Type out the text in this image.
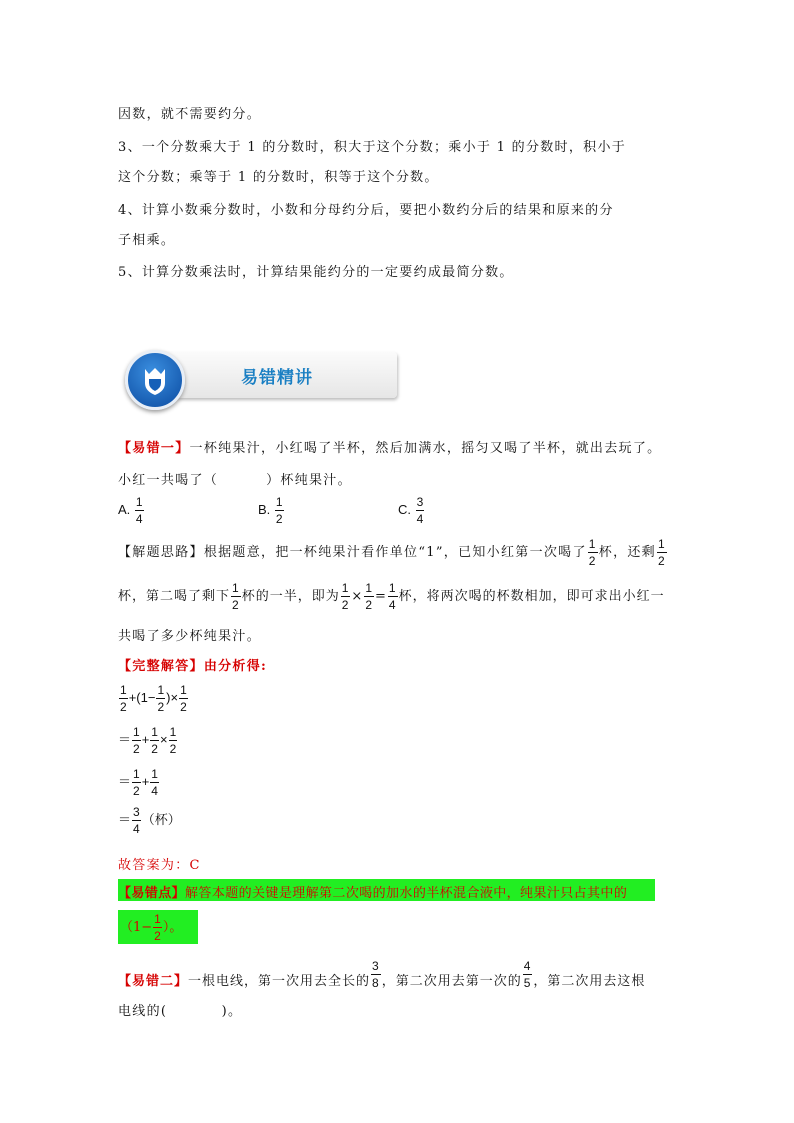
因数，就不需要约分。
3、一个分数乘大于 1 的分数时，积大于这个分数；乘小于 1 的分数时，积小于
这个分数；乘等于 1 的分数时，积等于这个分数。
4、计算小数乘分数时，小数和分母约分后，要把小数约分后的结果和原来的分
子相乘。
5、计算分数乘法时，计算结果能约分的一定要约成最简分数。
易错精讲
【易错一】一杯纯果汁，小红喝了半杯，然后加满水，摇匀又喝了半杯，就出去玩了。
小红一共喝了（	）杯纯果汁。
A. $\frac{1}{4}$	B. $\frac{1}{2}$	C. $\frac{3}{4}$
【解题思路】根据题意，把一杯纯果汁看作单位“1”，已知小红第一次喝了 $\frac{1}{2}$ 杯，还剩 $\frac{1}{2}$
杯，第二喝了剩下 $\frac{1}{2}$ 杯的一半，即为 $\frac{1}{2} \times \frac{1}{2} = \frac{1}{4}$ 杯，将两次喝的杯数相加，即可求出小红一
共喝了多少杯纯果汁。
【完整解答】由分析得:
$\frac{1}{2} +(1- \frac{1}{2}$ )× $\frac{1}{2}$
＝ $\frac{1}{2} + \frac{1}{2} \times \frac{1}{2}$
＝ $\frac{1}{2} + \frac{1}{4}$
＝ $\frac{3}{4}$ （杯）
故答案为：C
【易错点】解答本题的关键是理解第二次喝的加水的半杯混合液中，纯果汁只占其中的
（$1- \frac{1}{2}$ ）。
【易错二】一根电线，第一次用去全长的 $\frac{3}{8}$ ，第二次用去第一次的 $\frac{4}{5}$ ，第二次用去这根
电线的(          )。
